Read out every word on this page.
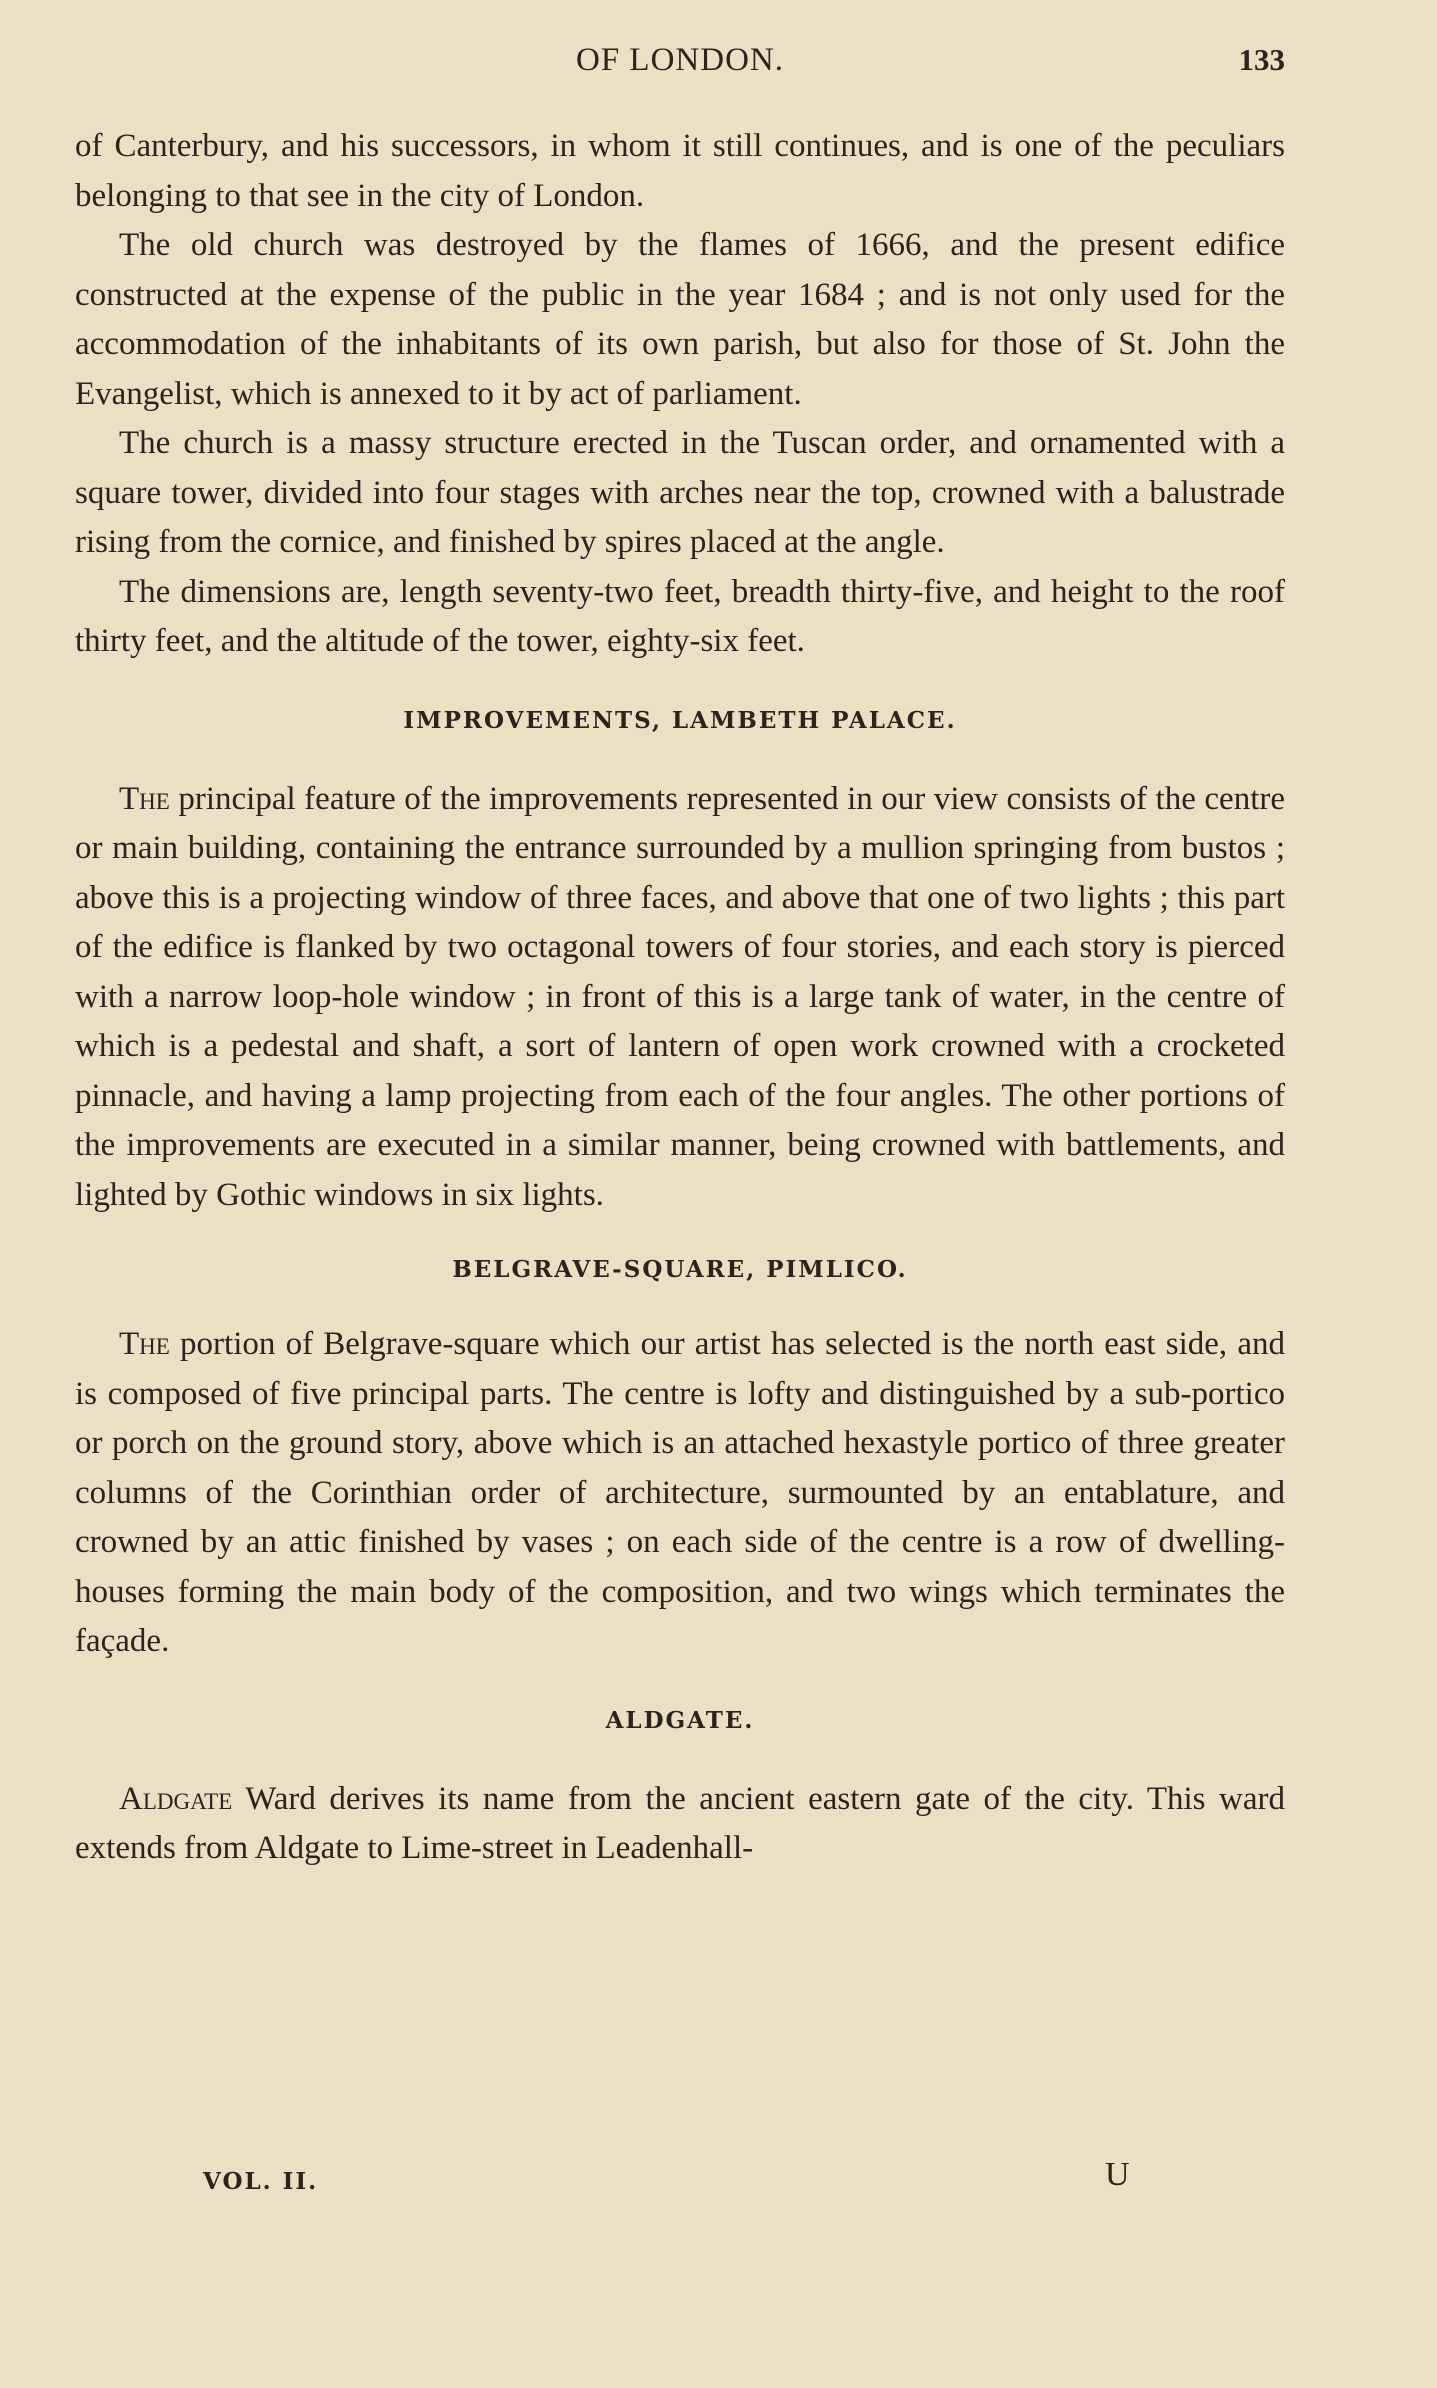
OF LONDON.	133

of Canterbury, and his successors, in whom it still continues, and is one of the peculiars belonging to that see in the city of London.

The old church was destroyed by the flames of 1666, and the present edifice constructed at the expense of the public in the year 1684 ; and is not only used for the accommodation of the inhabitants of its own parish, but also for those of St. John the Evangelist, which is annexed to it by act of parliament.

The church is a massy structure erected in the Tuscan order, and ornamented with a square tower, divided into four stages with arches near the top, crowned with a balustrade rising from the cornice, and finished by spires placed at the angle.

The dimensions are, length seventy-two feet, breadth thirty-five, and height to the roof thirty feet, and the altitude of the tower, eighty-six feet.

IMPROVEMENTS, LAMBETH PALACE.

The principal feature of the improvements represented in our view consists of the centre or main building, containing the entrance surrounded by a mullion springing from bustos ; above this is a projecting window of three faces, and above that one of two lights ; this part of the edifice is flanked by two octagonal towers of four stories, and each story is pierced with a narrow loop-hole window ; in front of this is a large tank of water, in the centre of which is a pedestal and shaft, a sort of lantern of open work crowned with a crocketed pinnacle, and having a lamp projecting from each of the four angles. The other portions of the improvements are executed in a similar manner, being crowned with battlements, and lighted by Gothic windows in six lights.

BELGRAVE-SQUARE, PIMLICO.

The portion of Belgrave-square which our artist has selected is the north east side, and is composed of five principal parts. The centre is lofty and distinguished by a sub-portico or porch on the ground story, above which is an attached hexastyle portico of three greater columns of the Corinthian order of architecture, surmounted by an entablature, and crowned by an attic finished by vases ; on each side of the centre is a row of dwelling-houses forming the main body of the composition, and two wings which terminates the façade.

ALDGATE.

Aldgate Ward derives its name from the ancient eastern gate of the city. This ward extends from Aldgate to Lime-street in Leadenhall-

VOL. II.	U
